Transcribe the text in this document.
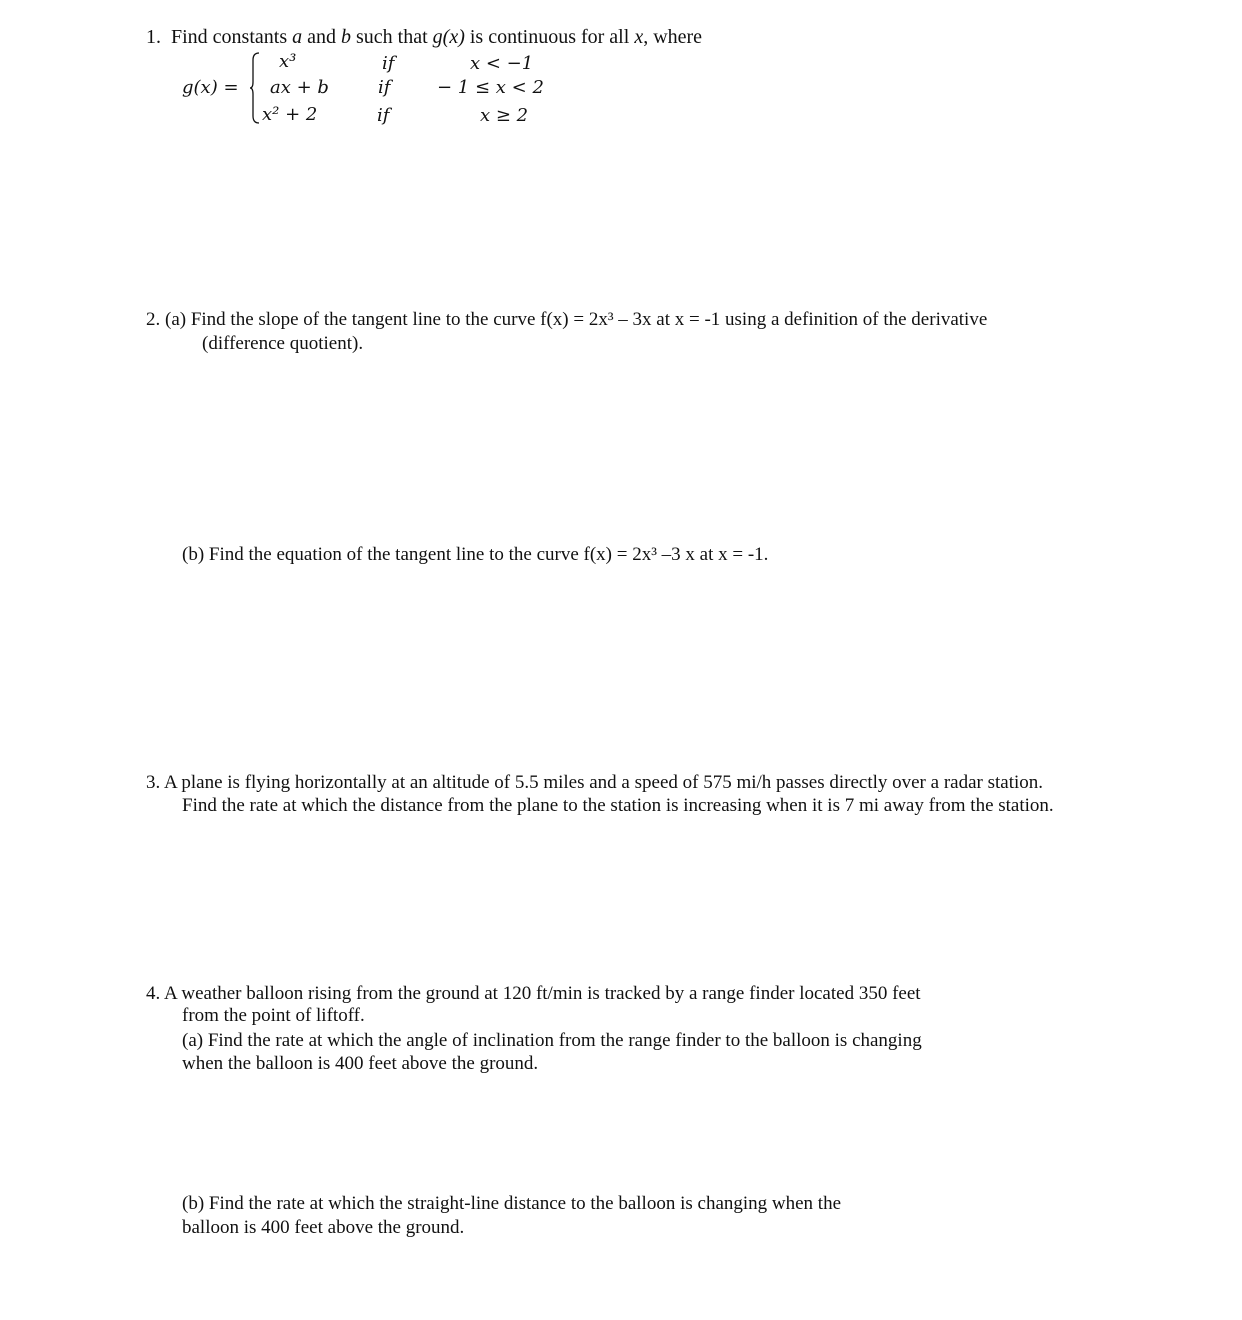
1. Find constants a and b such that g(x) is continuous for all x, where
g(x) =
x³	if	x < −1
ax + b	if	− 1 ≤ x < 2
x² + 2	if	x ≥ 2
2. (a) Find the slope of the tangent line to the curve f(x) = 2x³ – 3x at x = -1 using a definition of the derivative
(difference quotient).
(b) Find the equation of the tangent line to the curve f(x) = 2x³ –3 x at x = -1.
3. A plane is flying horizontally at an altitude of 5.5 miles and a speed of 575 mi/h passes directly over a radar station.
Find the rate at which the distance from the plane to the station is increasing when it is 7 mi away from the station.
4. A weather balloon rising from the ground at 120 ft/min is tracked by a range finder located 350 feet
from the point of liftoff.
(a) Find the rate at which the angle of inclination from the range finder to the balloon is changing
when the balloon is 400 feet above the ground.
(b) Find the rate at which the straight-line distance to the balloon is changing when the
balloon is 400 feet above the ground.
